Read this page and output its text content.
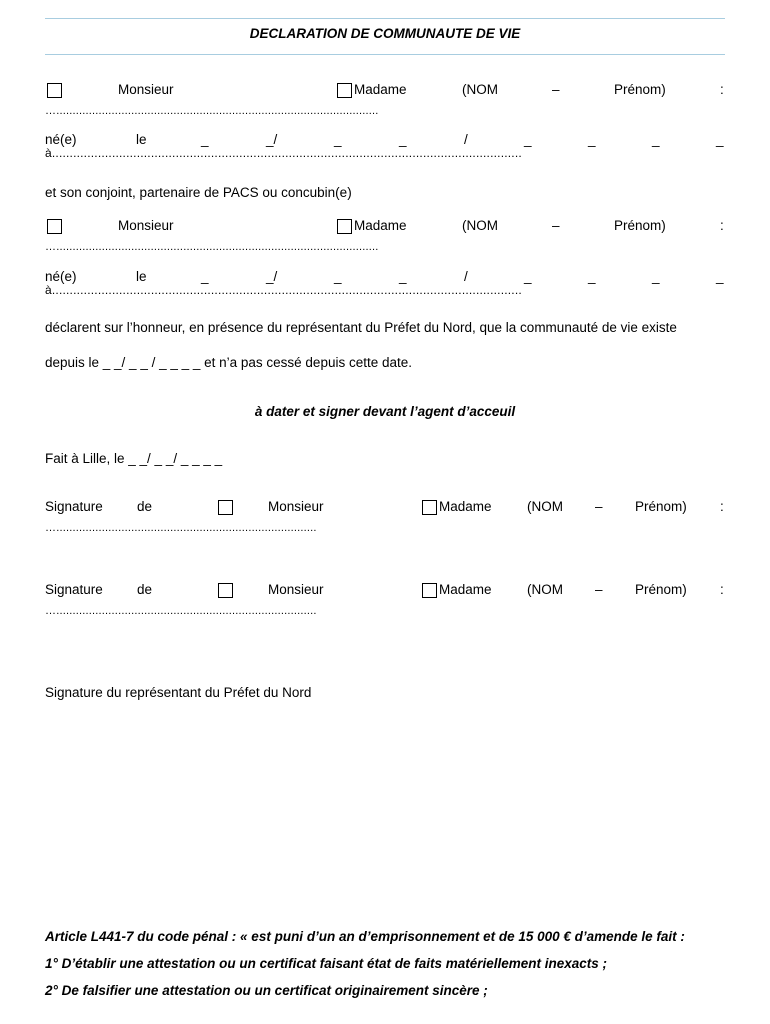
DECLARATION DE COMMUNAUTE DE VIE
Monsieur	Madame	(NOM	–	Prénom)	:
…...................................................................................................
né(e)	le	_	_/	_	_	/	_	_	_	_
à.....................................................................................................................................
et son conjoint, partenaire de PACS ou concubin(e)
Monsieur	Madame	(NOM	–	Prénom)	:
…...................................................................................................
né(e)	le	_	_/	_	_	/	_	_	_	_
à.....................................................................................................................................
déclarent sur l’honneur, en présence du représentant du Préfet du Nord, que la communauté de vie existe
depuis le _ _/ _ _ / _ _ _ _ et n’a pas cessé depuis cette date.
à dater et signer devant l’agent d’acceuil
Fait à Lille, le _ _/ _ _/ _ _ _ _
Signature	de	Monsieur	Madame	(NOM – Prénom) :
…................................................................................
Signature	de	Monsieur	Madame	(NOM – Prénom) :
…................................................................................
Signature du représentant du Préfet du Nord
Article L441-7 du code pénal : « est puni d’un an d’emprisonnement et de 15 000 € d’amende le fait :
1° D’établir une attestation ou un certificat faisant état de faits matériellement inexacts ;
2° De falsifier une attestation ou un certificat originairement sincère ;
